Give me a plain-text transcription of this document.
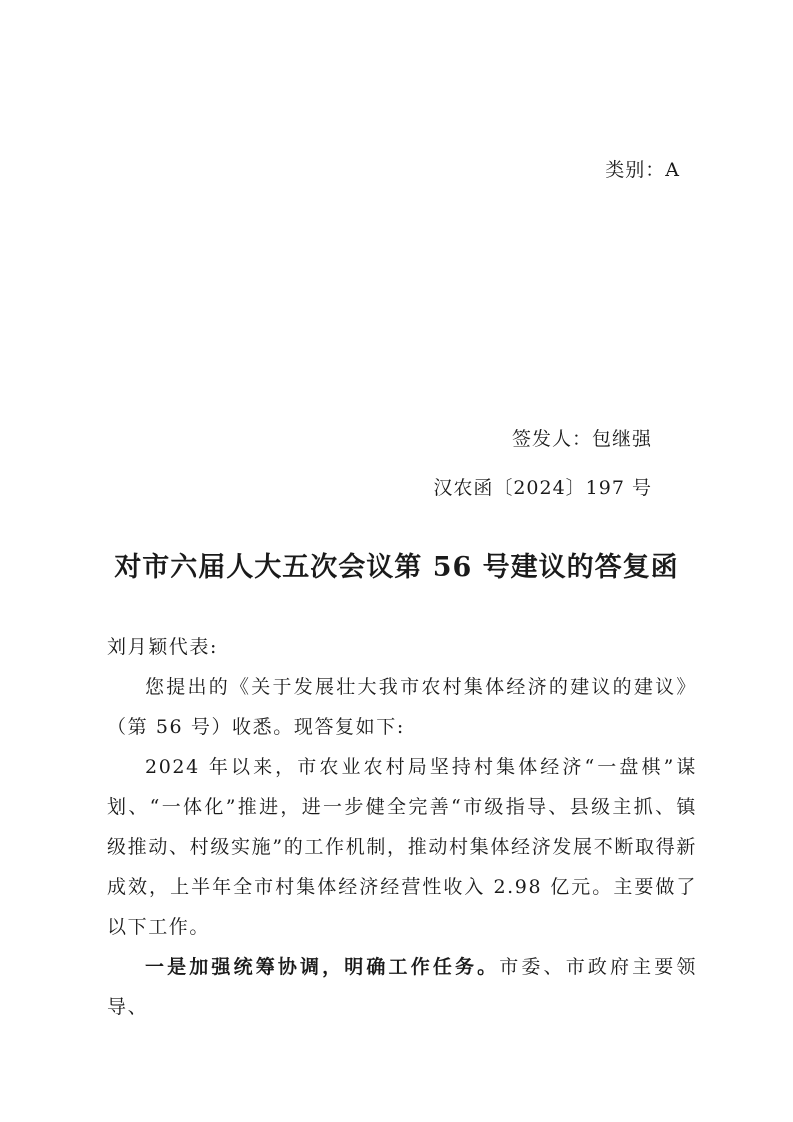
类别：A
签发人：包继强
汉农函〔2024〕197 号
对市六届人大五次会议第 56 号建议的答复函

刘月颖代表:

您提出的《关于发展壮大我市农村集体经济的建议的建议》（第 56 号）收悉。现答复如下:

2024 年以来，市农业农村局坚持村集体经济“一盘棋”谋划、“一体化”推进，进一步健全完善“市级指导、县级主抓、镇级推动、村级实施”的工作机制，推动村集体经济发展不断取得新成效，上半年全市村集体经济经营性收入 2.98 亿元。主要做了以下工作。

一是加强统筹协调，明确工作任务。市委、市政府主要领导、
